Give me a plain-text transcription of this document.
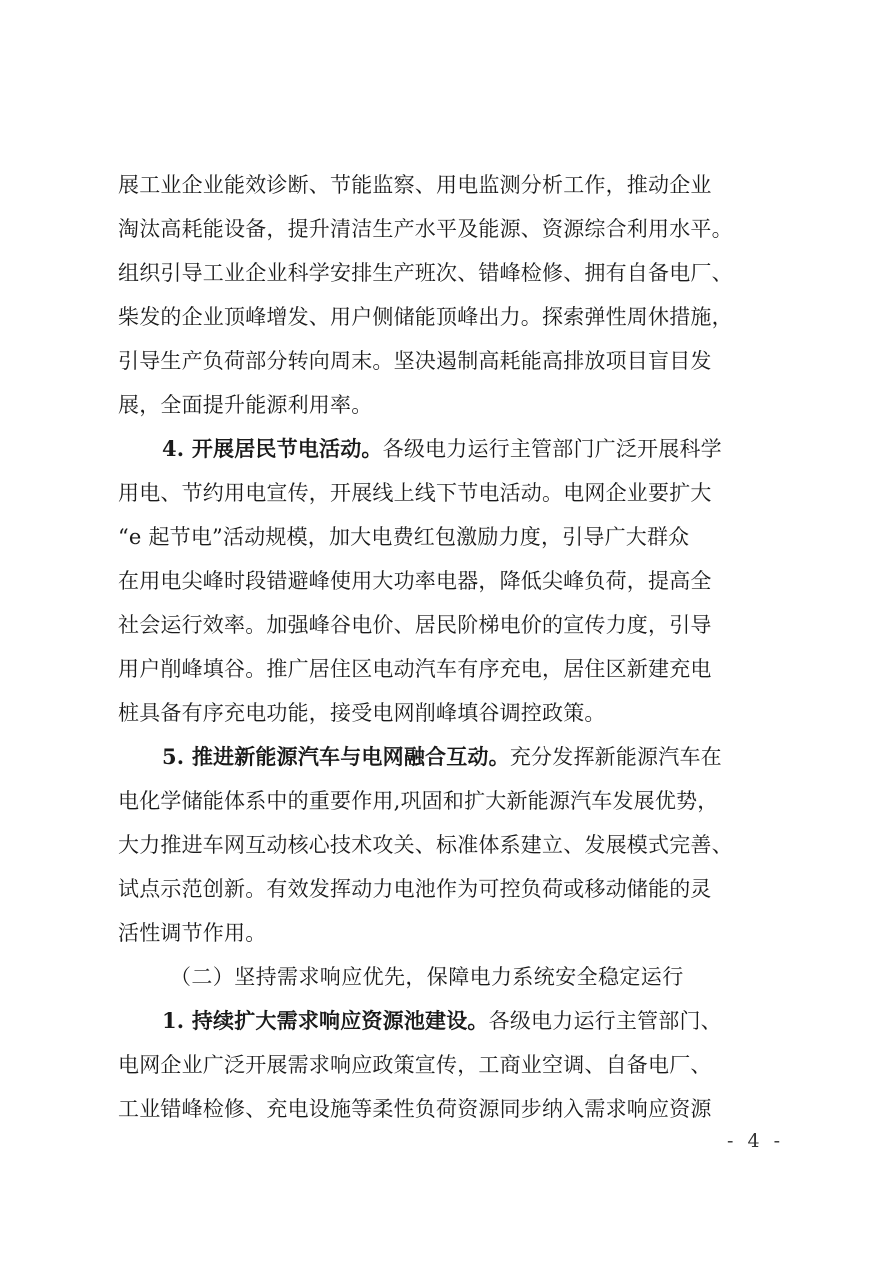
展工业企业能效诊断、节能监察、用电监测分析工作，推动企业
淘汰高耗能设备，提升清洁生产水平及能源、资源综合利用水平。
组织引导工业企业科学安排生产班次、错峰检修、拥有自备电厂、
柴发的企业顶峰增发、用户侧储能顶峰出力。探索弹性周休措施，
引导生产负荷部分转向周末。坚决遏制高耗能高排放项目盲目发
展，全面提升能源利用率。
4. 开展居民节电活动。各级电力运行主管部门广泛开展科学
用电、节约用电宣传，开展线上线下节电活动。电网企业要扩大
“e 起节电”活动规模，加大电费红包激励力度，引导广大群众
在用电尖峰时段错避峰使用大功率电器，降低尖峰负荷，提高全
社会运行效率。加强峰谷电价、居民阶梯电价的宣传力度，引导
用户削峰填谷。推广居住区电动汽车有序充电，居住区新建充电
桩具备有序充电功能，接受电网削峰填谷调控政策。
5. 推进新能源汽车与电网融合互动。充分发挥新能源汽车在
电化学储能体系中的重要作用,巩固和扩大新能源汽车发展优势，
大力推进车网互动核心技术攻关、标准体系建立、发展模式完善、
试点示范创新。有效发挥动力电池作为可控负荷或移动储能的灵
活性调节作用。
（二）坚持需求响应优先，保障电力系统安全稳定运行
1. 持续扩大需求响应资源池建设。各级电力运行主管部门、
电网企业广泛开展需求响应政策宣传，工商业空调、自备电厂、
工业错峰检修、充电设施等柔性负荷资源同步纳入需求响应资源
- 4 -
